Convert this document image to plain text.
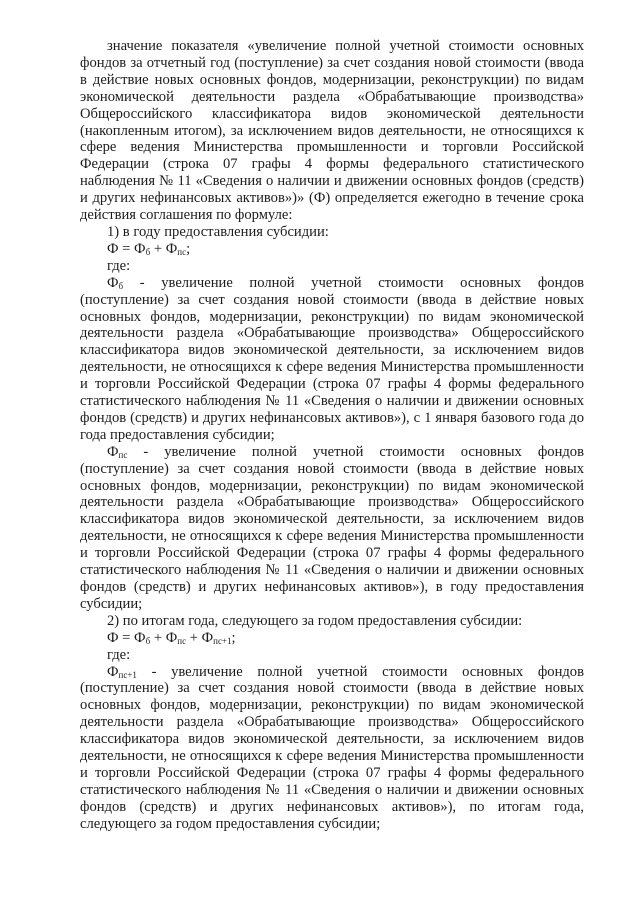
значение показателя «увеличение полной учетной стоимости основных фондов за отчетный год (поступление) за счет создания новой стоимости (ввода в действие новых основных фондов, модернизации, реконструкции) по видам экономической деятельности раздела «Обрабатывающие производства» Общероссийского классификатора видов экономической деятельности (накопленным итогом), за исключением видов деятельности, не относящихся к сфере ведения Министерства промышленности и торговли Российской Федерации (строка 07 графы 4 формы федерального статистического наблюдения № 11 «Сведения о наличии и движении основных фондов (средств) и других нефинансовых активов»)» (Ф) определяется ежегодно в течение срока действия соглашения по формуле:

1) в году предоставления субсидии:

$Ф = Ф_б + Ф_{пс}$;

где:

$Ф_б$ - увеличение полной учетной стоимости основных фондов (поступление) за счет создания новой стоимости (ввода в действие новых основных фондов, модернизации, реконструкции) по видам экономической деятельности раздела «Обрабатывающие производства» Общероссийского классификатора видов экономической деятельности, за исключением видов деятельности, не относящихся к сфере ведения Министерства промышленности и торговли Российской Федерации (строка 07 графы 4 формы федерального статистического наблюдения № 11 «Сведения о наличии и движении основных фондов (средств) и других нефинансовых активов»), с 1 января базового года до года предоставления субсидии;

$Ф_{пс}$ - увеличение полной учетной стоимости основных фондов (поступление) за счет создания новой стоимости (ввода в действие новых основных фондов, модернизации, реконструкции) по видам экономической деятельности раздела «Обрабатывающие производства» Общероссийского классификатора видов экономической деятельности, за исключением видов деятельности, не относящихся к сфере ведения Министерства промышленности и торговли Российской Федерации (строка 07 графы 4 формы федерального статистического наблюдения № 11 «Сведения о наличии и движении основных фондов (средств) и других нефинансовых активов»), в году предоставления субсидии;

2) по итогам года, следующего за годом предоставления субсидии:

$Ф = Ф_б + Ф_{пс} + Ф_{пс+1}$;

где:

$Ф_{пс+1}$ - увеличение полной учетной стоимости основных фондов (поступление) за счет создания новой стоимости (ввода в действие новых основных фондов, модернизации, реконструкции) по видам экономической деятельности раздела «Обрабатывающие производства» Общероссийского классификатора видов экономической деятельности, за исключением видов деятельности, не относящихся к сфере ведения Министерства промышленности и торговли Российской Федерации (строка 07 графы 4 формы федерального статистического наблюдения № 11 «Сведения о наличии и движении основных фондов (средств) и других нефинансовых активов»), по итогам года, следующего за годом предоставления субсидии;
